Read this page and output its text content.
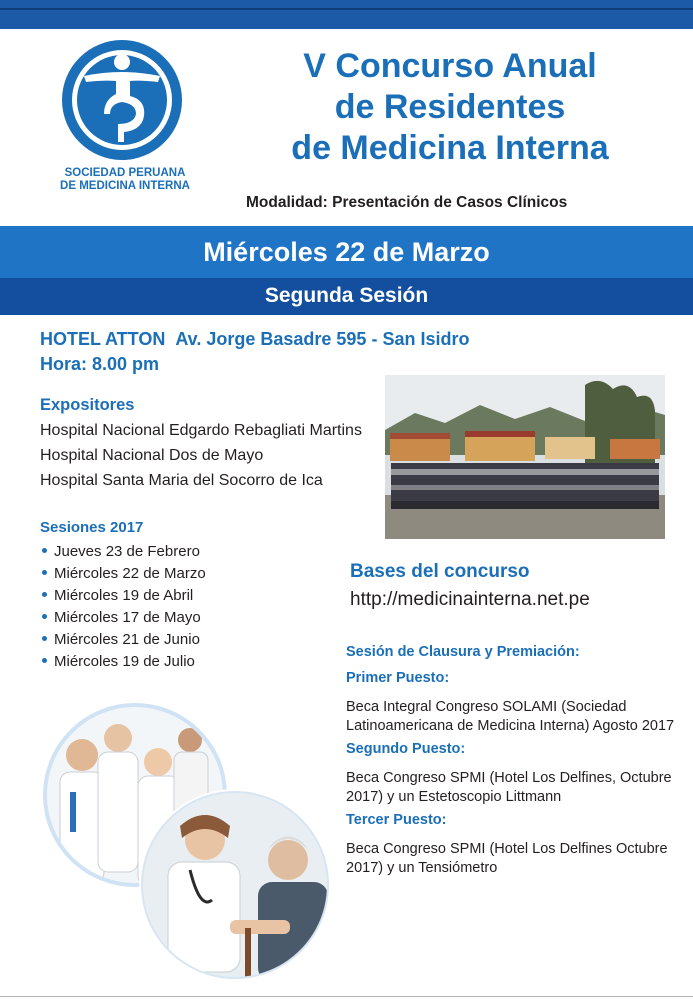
SOCIEDAD PERUANA
DE MEDICINA INTERNA
V Concurso Anual
de Residentes
de Medicina Interna
Modalidad: Presentación de Casos Clínicos
Miércoles 22 de Marzo
Segunda Sesión
HOTEL ATTON Av. Jorge Basadre 595 - San Isidro
Hora: 8.00 pm
Expositores
Hospital Nacional Edgardo Rebagliati Martins
Hospital Nacional Dos de Mayo
Hospital Santa Maria del Socorro de Ica
Sesiones 2017
Jueves 23 de Febrero
Miércoles 22 de Marzo
Miércoles 19 de Abril
Miércoles 17 de Mayo
Miércoles 21 de Junio
Miércoles 19 de Julio
Bases del concurso
http://medicinainterna.net.pe
Sesión de Clausura y Premiación:
Primer Puesto:
Beca Integral Congreso SOLAMI (Sociedad Latinoamericana de Medicina Interna) Agosto 2017
Segundo Puesto:
Beca Congreso SPMI (Hotel Los Delfines, Octubre 2017) y un Estetoscopio Littmann
Tercer Puesto:
Beca Congreso SPMI (Hotel Los Delfines Octubre 2017) y un Tensiómetro
